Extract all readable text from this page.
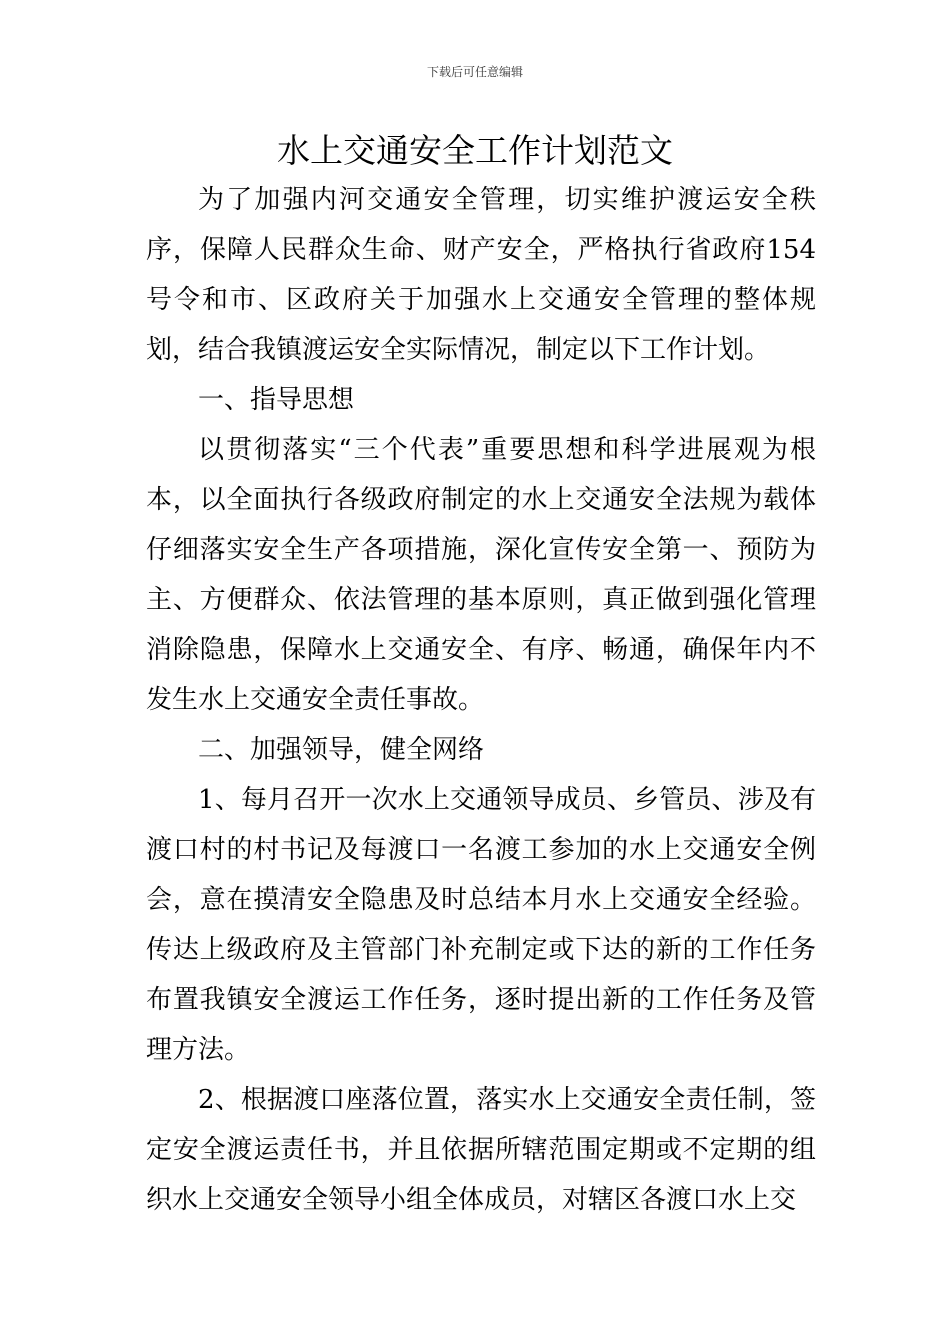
下载后可任意编辑
水上交通安全工作计划范文

为了加强内河交通安全管理，切实维护渡运安全秩序，保障人民群众生命、财产安全，严格执行省政府154号令和市、区政府关于加强水上交通安全管理的整体规划，结合我镇渡运安全实际情况，制定以下工作计划。

一、指导思想

以贯彻落实“三个代表”重要思想和科学进展观为根本，以全面执行各级政府制定的水上交通安全法规为载体仔细落实安全生产各项措施，深化宣传安全第一、预防为主、方便群众、依法管理的基本原则，真正做到强化管理消除隐患，保障水上交通安全、有序、畅通，确保年内不发生水上交通安全责任事故。

二、加强领导，健全网络

1、每月召开一次水上交通领导成员、乡管员、涉及有渡口村的村书记及每渡口一名渡工参加的水上交通安全例会，意在摸清安全隐患及时总结本月水上交通安全经验。传达上级政府及主管部门补充制定或下达的新的工作任务布置我镇安全渡运工作任务，逐时提出新的工作任务及管理方法。

2、根据渡口座落位置，落实水上交通安全责任制，签定安全渡运责任书，并且依据所辖范围定期或不定期的组织水上交通安全领导小组全体成员，对辖区各渡口水上交
